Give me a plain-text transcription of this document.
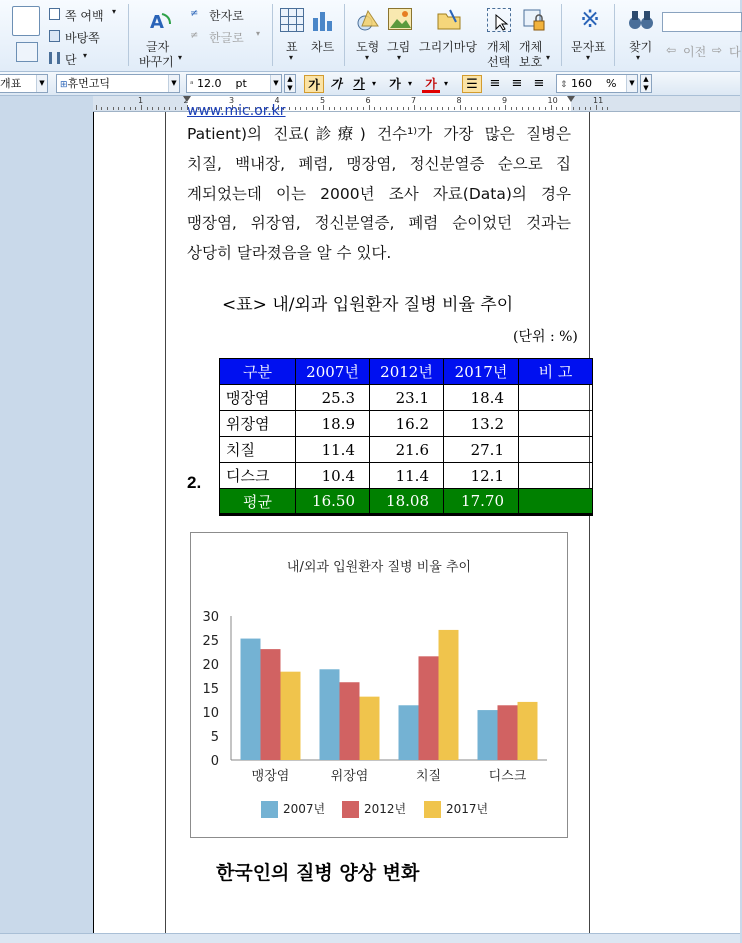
쪽 여백 ▾
바탕쪽
단 ▾
A
글자
바꾸기 ▾
≠ 한자로
≠ 한글로 ▾
표
▾
차트 도형
▾
그림
▾
그리기마당 개체
선택
개체
보호 ▾
※
문자표
▾
찾기
▾
⇦ 이전 ⇨ 다
개표	▼	⊞휴먼고딕	▼	ᵃ 12.0 pt	▼	▲
▼	가 가 가 ▾ 가 ▾ 가 ▾	☰ ≡ ≡ ≡	⇕ 160 %	▼	▲
▼
1	2	3	4	5	6	7	8	9	10	11
www.mic.or.kr
Patient)의 진료(診療) 건수¹⁾가 가장 많은 질병은
치질, 백내장, 폐렴, 맹장염, 정신분열증 순으로 집
계되었는데 이는 2000년 조사 자료(Data)의 경우
맹장염, 위장염, 정신분열증, 폐렴 순이었던 것과는
상당히 달라졌음을 알 수 있다.
<표> 내/외과 입원환자 질병 비율 추이
(단위 : %)
구분	2007년	2012년	2017년	비 고
맹장염	25.3	23.1	18.4	
위장염	18.9	16.2	13.2	
치질	11.4	21.6	27.1	
디스크	10.4	11.4	12.1	
평균	16.50	18.08	17.70	
2.
내/외과 입원환자 질병 비율 추이
0
5
10
15
20
25
30
맹장염	위장염	치질	디스크
2007년	2012년	2017년
한국인의 질병 양상 변화
